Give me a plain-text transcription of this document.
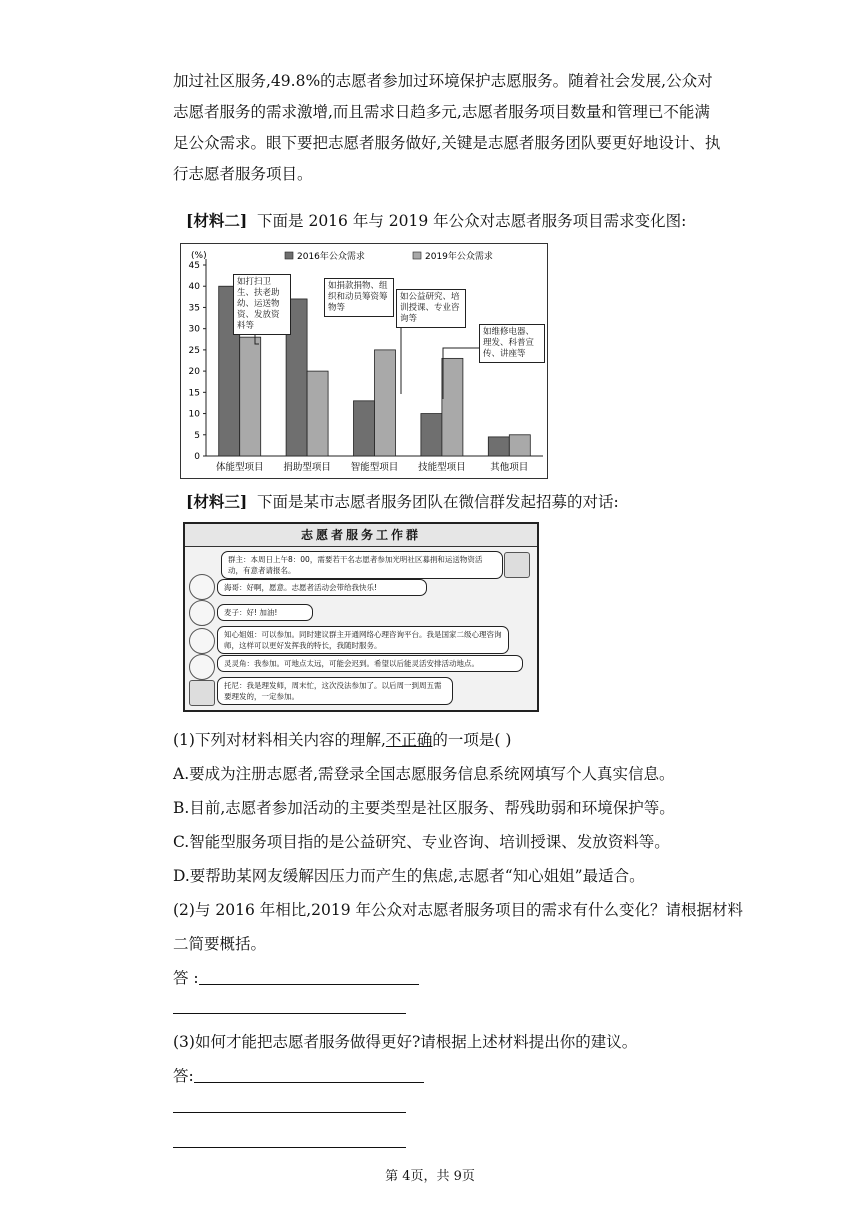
加过社区服务,49.8%的志愿者参加过环境保护志愿服务。随着社会发展,公众对志愿者服务的需求激增,而且需求日趋多元,志愿者服务项目数量和管理已不能满足公众需求。眼下要把志愿者服务做好,关键是志愿者服务团队要更好地设计、执行志愿者服务项目。
[材料二] 下面是 2016 年与 2019 年公众对志愿者服务项目需求变化图:
(%)
0
5
10
15
20
25
30
35
40
45
体能型项目 捐助型项目 智能型项目 技能型项目	其他项目
2016年公众需求	2019年公众需求
如打扫卫生、扶老助幼、运送物资、发放资料等
如捐款捐物、组织和动员筹资筹物等
如公益研究、培训授课、专业咨询等
如维修电器、理发、科普宣传、讲座等
[材料三] 下面是某市志愿者服务团队在微信群发起招募的对话:
志愿者服务工作群
群主：本周日上午8：00，需要若干名志愿者参加光明社区募捐和运送物资活动，有意者请报名。
海哥：好啊，愿意。志愿者活动会带给我快乐!
麦子：好! 加油!
知心姐姐：可以参加。同时建议群主开通网络心理咨询平台。我是国家二级心理咨询师，这样可以更好发挥我的特长，我随时服务。
灵灵角：我参加。可地点太远，可能会迟到。希望以后能灵活安排活动地点。
托尼：我是理发师，周末忙，这次没法参加了。以后周一到周五需要理发的，一定参加。
(1)下列对材料相关内容的理解,不正确的一项是( )
A.要成为注册志愿者,需登录全国志愿服务信息系统网填写个人真实信息。
B.目前,志愿者参加活动的主要类型是社区服务、帮残助弱和环境保护等。
C.智能型服务项目指的是公益研究、专业咨询、培训授课、发放资料等。
D.要帮助某网友缓解因压力而产生的焦虑,志愿者“知心姐姐”最适合。
(2)与 2016 年相比,2019 年公众对志愿者服务项目的需求有什么变化？请根据材料
二简要概括。
答 :
(3)如何才能把志愿者服务做得更好?请根据上述材料提出你的建议。
答:
第 4页，共 9页
